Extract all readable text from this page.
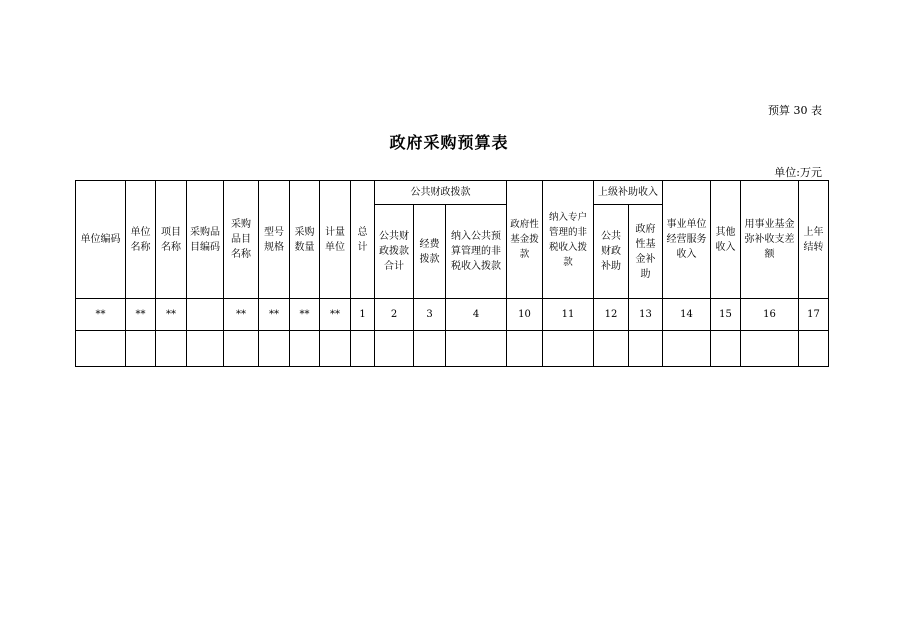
预算 30 表
政府采购预算表
单位:万元
单位编码	单位名称	项目名称	采购品目编码	采购品目名称	型号规格	采购数量	计量单位	总计	公共财政拨款			政府性基金拨款	纳入专户管理的非税收入拨款	上级补助收入		事业单位经营服务收入	其他收入	用事业基金弥补收支差额	上年结转
									公共财政拨款合计	经费拨款	纳入公共预算管理的非税收入拨款			公共财政补助	政府性基金补助				
**	**	**		**	**	**	**	1	2	3	4	10	11	12	13	14	15	16	17
